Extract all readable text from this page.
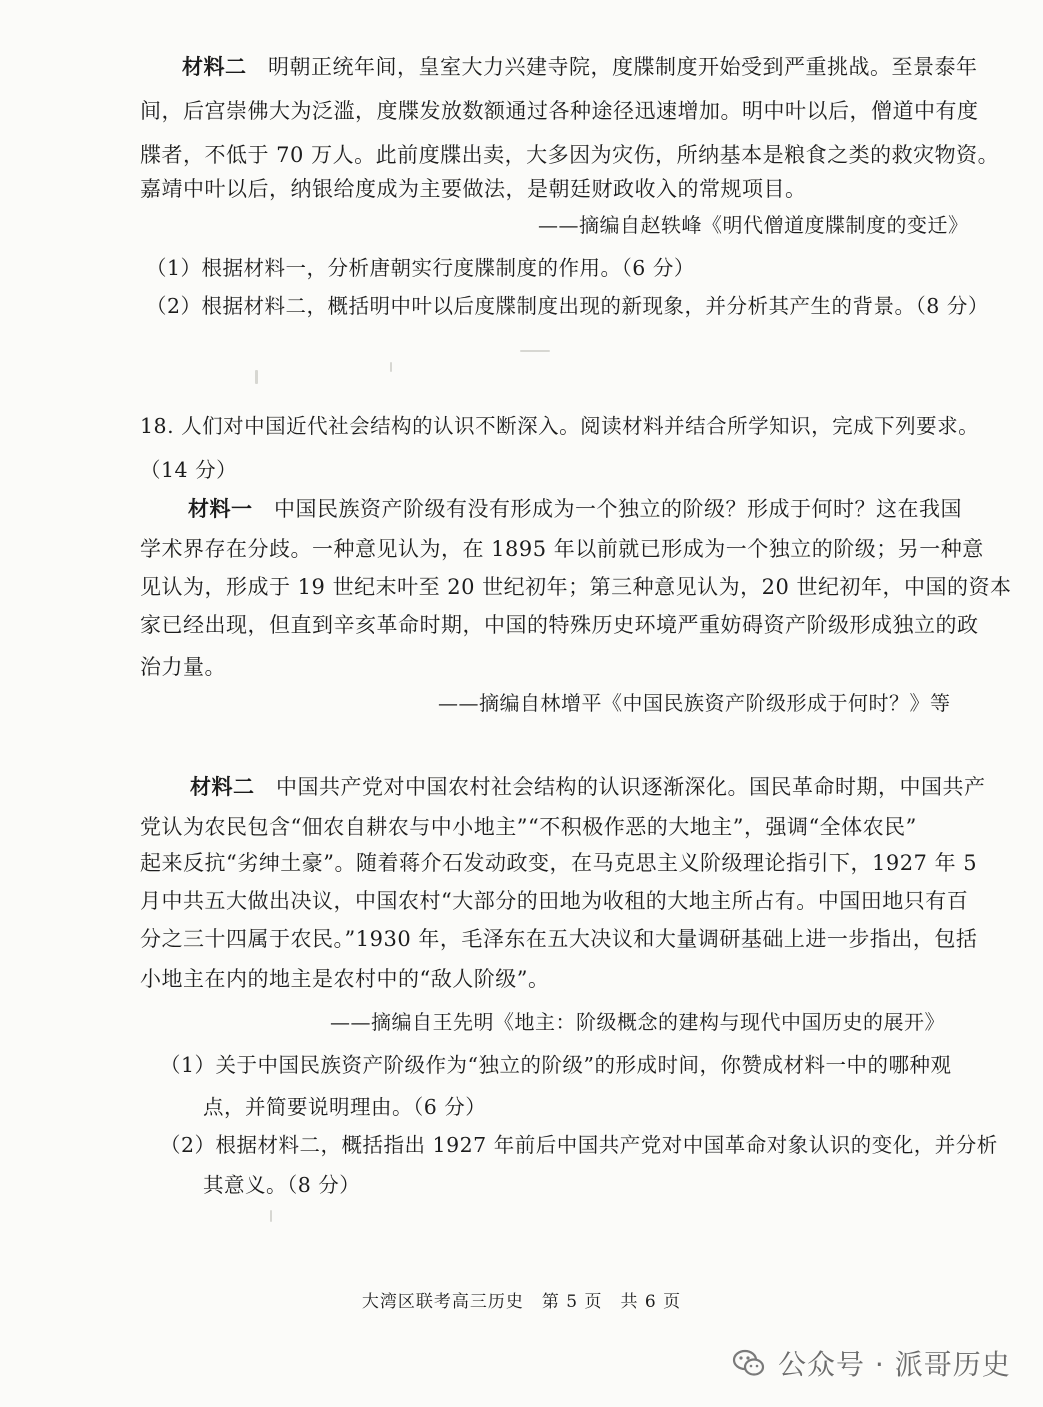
材料二　 明朝正统年间，皇室大力兴建寺院，度牒制度开始受到严重挑战。至景泰年
间，后宫崇佛大为泛滥，度牒发放数额通过各种途径迅速增加。明中叶以后，僧道中有度
牒者，不低于 70 万人。此前度牒出卖，大多因为灾伤，所纳基本是粮食之类的救灾物资。
嘉靖中叶以后，纳银给度成为主要做法，是朝廷财政收入的常规项目。
——摘编自赵轶峰《明代僧道度牒制度的变迁》
（1）根据材料一，分析唐朝实行度牒制度的作用。（6 分）
（2）根据材料二，概括明中叶以后度牒制度出现的新现象，并分析其产生的背景。（8 分）
18. 人们对中国近代社会结构的认识不断深入。阅读材料并结合所学知识，完成下列要求。
（14 分）
材料一　 中国民族资产阶级有没有形成为一个独立的阶级？形成于何时？这在我国
学术界存在分歧。一种意见认为，在 1895 年以前就已形成为一个独立的阶级；另一种意
见认为，形成于 19 世纪末叶至 20 世纪初年；第三种意见认为，20 世纪初年，中国的资本
家已经出现，但直到辛亥革命时期，中国的特殊历史环境严重妨碍资产阶级形成独立的政
治力量。
——摘编自林增平《中国民族资产阶级形成于何时？》等
材料二　 中国共产党对中国农村社会结构的认识逐渐深化。国民革命时期，中国共产
党认为农民包含“佃农自耕农与中小地主”“不积极作恶的大地主”，强调“全体农民”
起来反抗“劣绅土豪”。随着蒋介石发动政变，在马克思主义阶级理论指引下，1927 年 5
月中共五大做出决议，中国农村“大部分的田地为收租的大地主所占有。中国田地只有百
分之三十四属于农民。”1930 年，毛泽东在五大决议和大量调研基础上进一步指出，包括
小地主在内的地主是农村中的“敌人阶级”。
——摘编自王先明《地主：阶级概念的建构与现代中国历史的展开》
（1）关于中国民族资产阶级作为“独立的阶级”的形成时间，你赞成材料一中的哪种观
点，并简要说明理由。（6 分）
（2）根据材料二，概括指出 1927 年前后中国共产党对中国革命对象认识的变化，并分析
其意义。（8 分）
大湾区联考高三历史　第 5 页　共 6 页
公众号 · 派哥历史
